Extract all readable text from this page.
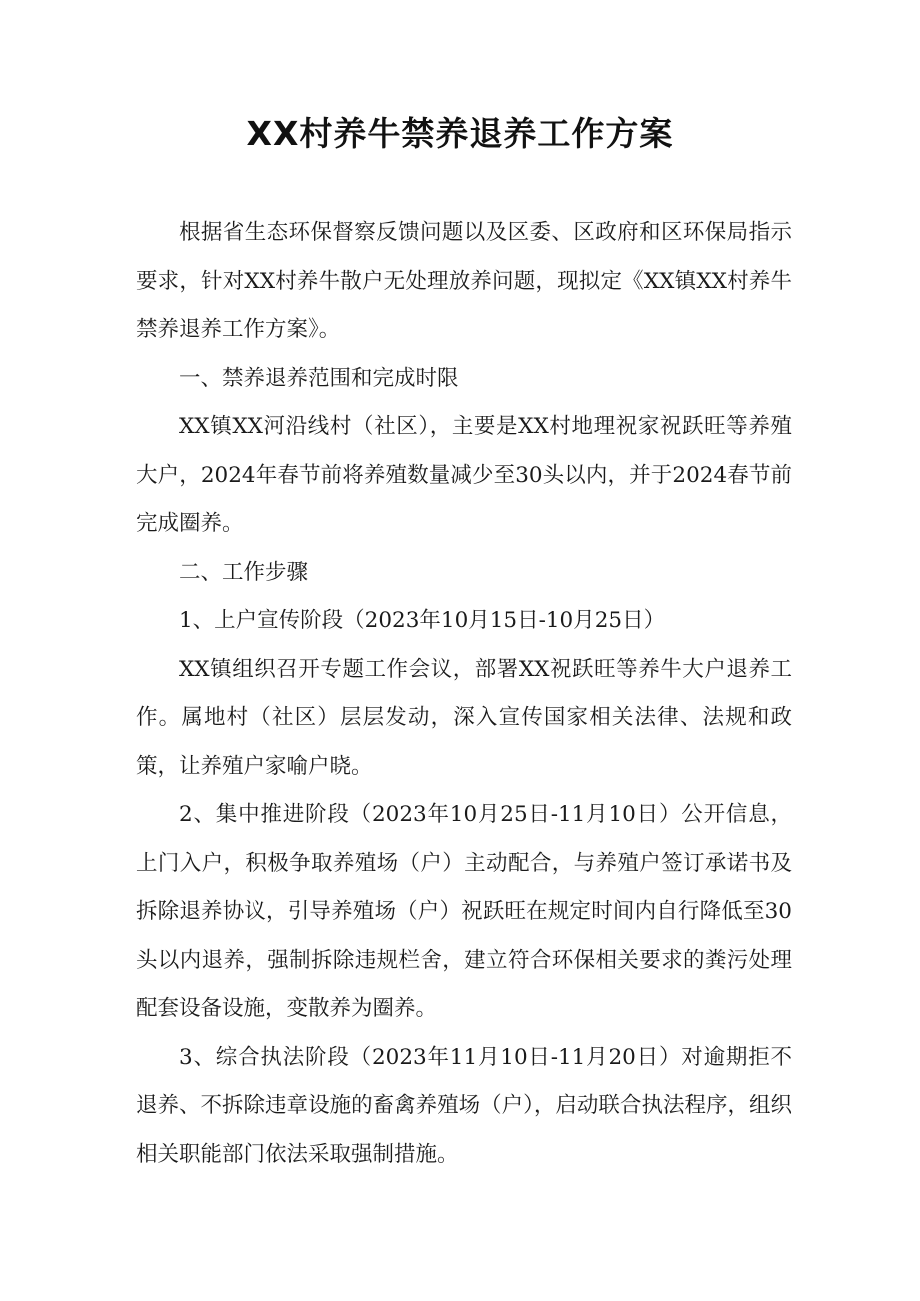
XX村养牛禁养退养工作方案

根据省生态环保督察反馈问题以及区委、区政府和区环保局指示要求，针对XX村养牛散户无处理放养问题，现拟定《XX镇XX村养牛禁养退养工作方案》。

一、禁养退养范围和完成时限

XX镇XX河沿线村（社区），主要是XX村地理祝家祝跃旺等养殖大户，2024年春节前将养殖数量减少至30头以内，并于2024春节前完成圈养。

二、工作步骤

1、上户宣传阶段（2023年10月15日-10月25日）

XX镇组织召开专题工作会议，部署XX祝跃旺等养牛大户退养工作。属地村（社区）层层发动，深入宣传国家相关法律、法规和政策，让养殖户家喻户晓。

2、集中推进阶段（2023年10月25日-11月10日）公开信息，上门入户，积极争取养殖场（户）主动配合，与养殖户签订承诺书及拆除退养协议，引导养殖场（户）祝跃旺在规定时间内自行降低至30头以内退养，强制拆除违规栏舍，建立符合环保相关要求的粪污处理配套设备设施，变散养为圈养。

3、综合执法阶段（2023年11月10日-11月20日）对逾期拒不退养、不拆除违章设施的畜禽养殖场（户），启动联合执法程序，组织相关职能部门依法采取强制措施。
